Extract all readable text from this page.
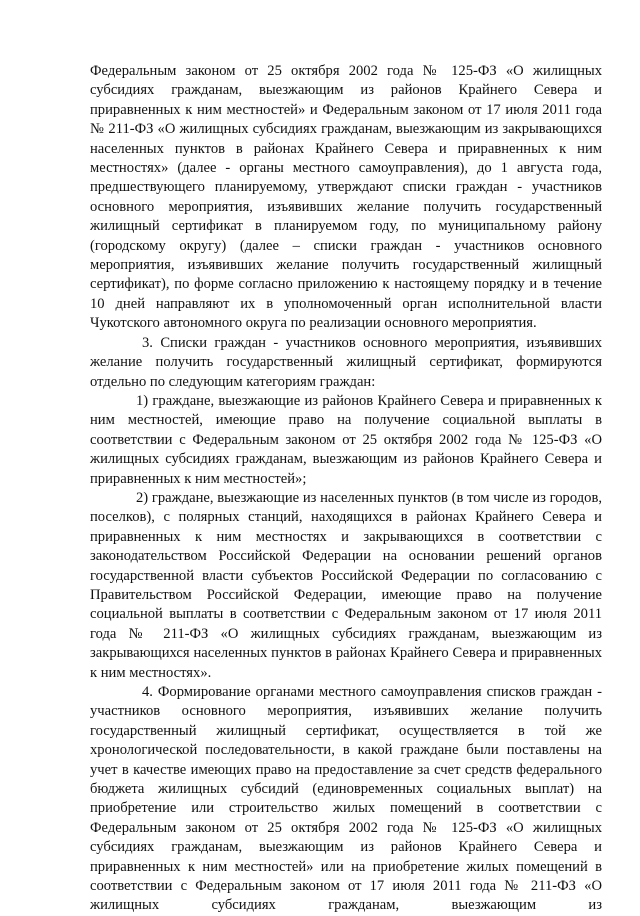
Федеральным законом от 25 октября 2002 года № 125-ФЗ «О жилищных субсидиях гражданам, выезжающим из районов Крайнего Севера и приравненных к ним местностей» и Федеральным законом от 17 июля 2011 года № 211-ФЗ «О жилищных субсидиях гражданам, выезжающим из закрывающихся населенных пунктов в районах Крайнего Севера и приравненных к ним местностях» (далее - органы местного самоуправления), до 1 августа года, предшествующего планируемому, утверждают списки граждан - участников основного мероприятия, изъявивших желание получить государственный жилищный сертификат в планируемом году, по муниципальному району (городскому округу) (далее – списки граждан - участников основного мероприятия, изъявивших желание получить государственный жилищный сертификат), по форме согласно приложению к настоящему порядку и в течение 10 дней направляют их в уполномоченный орган исполнительной власти Чукотского автономного округа по реализации основного мероприятия.

3. Списки граждан - участников основного мероприятия, изъявивших желание получить государственный жилищный сертификат, формируются отдельно по следующим категориям граждан:

1) граждане, выезжающие из районов Крайнего Севера и приравненных к ним местностей, имеющие право на получение социальной выплаты в соответствии с Федеральным законом от 25 октября 2002 года № 125-ФЗ «О жилищных субсидиях гражданам, выезжающим из районов Крайнего Севера и приравненных к ним местностей»;

2) граждане, выезжающие из населенных пунктов (в том числе из городов, поселков), с полярных станций, находящихся в районах Крайнего Севера и приравненных к ним местностях и закрывающихся в соответствии с законодательством Российской Федерации на основании решений органов государственной власти субъектов Российской Федерации по согласованию с Правительством Российской Федерации, имеющие право на получение социальной выплаты в соответствии с Федеральным законом от 17 июля 2011 года № 211-ФЗ «О жилищных субсидиях гражданам, выезжающим из закрывающихся населенных пунктов в районах Крайнего Севера и приравненных к ним местностях».

4. Формирование органами местного самоуправления списков граждан - участников основного мероприятия, изъявивших желание получить государственный жилищный сертификат, осуществляется в той же хронологической последовательности, в какой граждане были поставлены на учет в качестве имеющих право на предоставление за счет средств федерального бюджета жилищных субсидий (единовременных социальных выплат) на приобретение или строительство жилых помещений в соответствии с Федеральным законом от 25 октября 2002 года № 125-ФЗ «О жилищных субсидиях гражданам, выезжающим из районов Крайнего Севера и приравненных к ним местностей» или на приобретение жилых помещений в соответствии с Федеральным законом от 17 июля 2011 года № 211-ФЗ «О жилищных субсидиях гражданам, выезжающим из
